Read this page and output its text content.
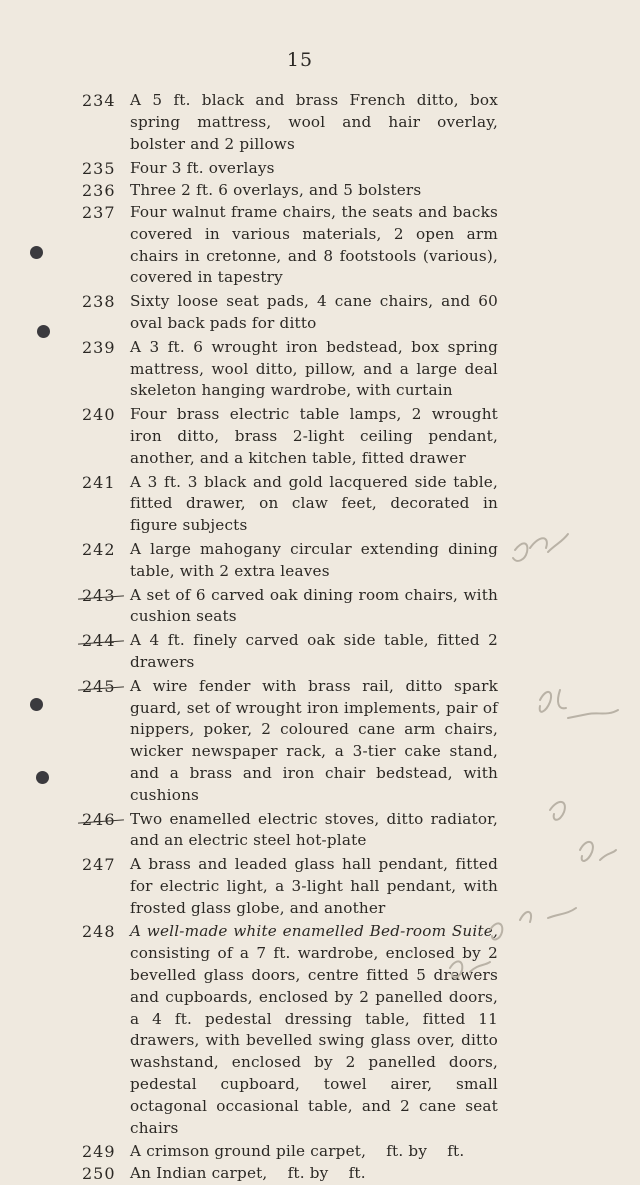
15
234 A 5 ft. black and brass French ditto, box spring mattress, wool and hair overlay, bolster and 2 pillows
235 Four 3 ft. overlays
236 Three 2 ft. 6 overlays, and 5 bolsters
237 Four walnut frame chairs, the seats and backs covered in various materials, 2 open arm chairs in cretonne, and 8 footstools (various), covered in tapestry
238 Sixty loose seat pads, 4 cane chairs, and 60 oval back pads for ditto
239 A 3 ft. 6 wrought iron bedstead, box spring mattress, wool ditto, pillow, and a large deal skeleton hanging wardrobe, with curtain
240 Four brass electric table lamps, 2 wrought iron ditto, brass 2-light ceiling pendant, another, and a kitchen table, fitted drawer
241 A 3 ft. 3 black and gold lacquered side table, fitted drawer, on claw feet, decorated in figure subjects
242 A large mahogany circular extending dining table, with 2 extra leaves
243 A set of 6 carved oak dining room chairs, with cushion seats
244 A 4 ft. finely carved oak side table, fitted 2 drawers
245 A wire fender with brass rail, ditto spark guard, set of wrought iron implements, pair of nippers, poker, 2 coloured cane arm chairs, wicker newspaper rack, a 3-tier cake stand, and a brass and iron chair bedstead, with cushions
246 Two enamelled electric stoves, ditto radiator, and an electric steel hot-plate
247 A brass and leaded glass hall pendant, fitted for electric light, a 3-light hall pendant, with frosted glass globe, and another
248 A well-made white enamelled Bed-room Suite, consisting of a 7 ft. wardrobe, enclosed by 2 bevelled glass doors, centre fitted 5 drawers and cupboards, enclosed by 2 panelled doors, a 4 ft. pedestal dressing table, fitted 11 drawers, with bevelled swing glass over, ditto washstand, enclosed by 2 panelled doors, pedestal cupboard, towel airer, small octagonal occasional table, and 2 cane seat chairs
249 A crimson ground pile carpet,    ft. by    ft.
250 An Indian carpet,    ft. by    ft.
